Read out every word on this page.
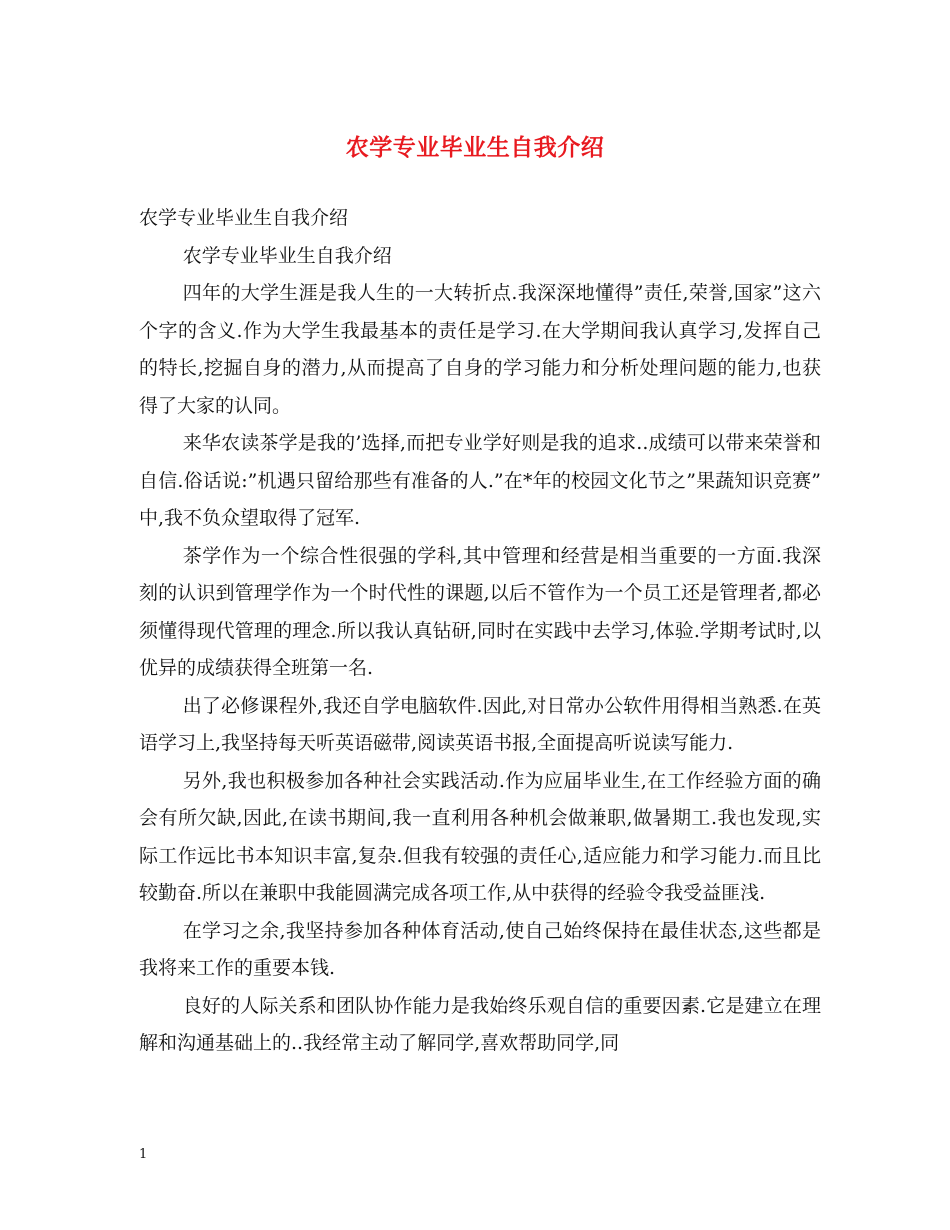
农学专业毕业生自我介绍

农学专业毕业生自我介绍

农学专业毕业生自我介绍

四年的大学生涯是我人生的一大转折点.我深深地懂得”责任,荣誉,国家”这六个字的含义.作为大学生我最基本的责任是学习.在大学期间我认真学习,发挥自己的特长,挖掘自身的潜力,从而提高了自身的学习能力和分析处理问题的能力,也获得了大家的认同。

来华农读茶学是我的’选择,而把专业学好则是我的追求..成绩可以带来荣誉和自信.俗话说:”机遇只留给那些有准备的人.”在*年的校园文化节之”果蔬知识竞赛”中,我不负众望取得了冠军.

茶学作为一个综合性很强的学科,其中管理和经营是相当重要的一方面.我深刻的认识到管理学作为一个时代性的课题,以后不管作为一个员工还是管理者,都必须懂得现代管理的理念.所以我认真钻研,同时在实践中去学习,体验.学期考试时,以优异的成绩获得全班第一名.

出了必修课程外,我还自学电脑软件.因此,对日常办公软件用得相当熟悉.在英语学习上,我坚持每天听英语磁带,阅读英语书报,全面提高听说读写能力.

另外,我也积极参加各种社会实践活动.作为应届毕业生,在工作经验方面的确会有所欠缺,因此,在读书期间,我一直利用各种机会做兼职,做暑期工.我也发现,实际工作远比书本知识丰富,复杂.但我有较强的责任心,适应能力和学习能力.而且比较勤奋.所以在兼职中我能圆满完成各项工作,从中获得的经验令我受益匪浅.

在学习之余,我坚持参加各种体育活动,使自己始终保持在最佳状态,这些都是我将来工作的重要本钱.

良好的人际关系和团队协作能力是我始终乐观自信的重要因素.它是建立在理解和沟通基础上的..我经常主动了解同学,喜欢帮助同学,同

1
